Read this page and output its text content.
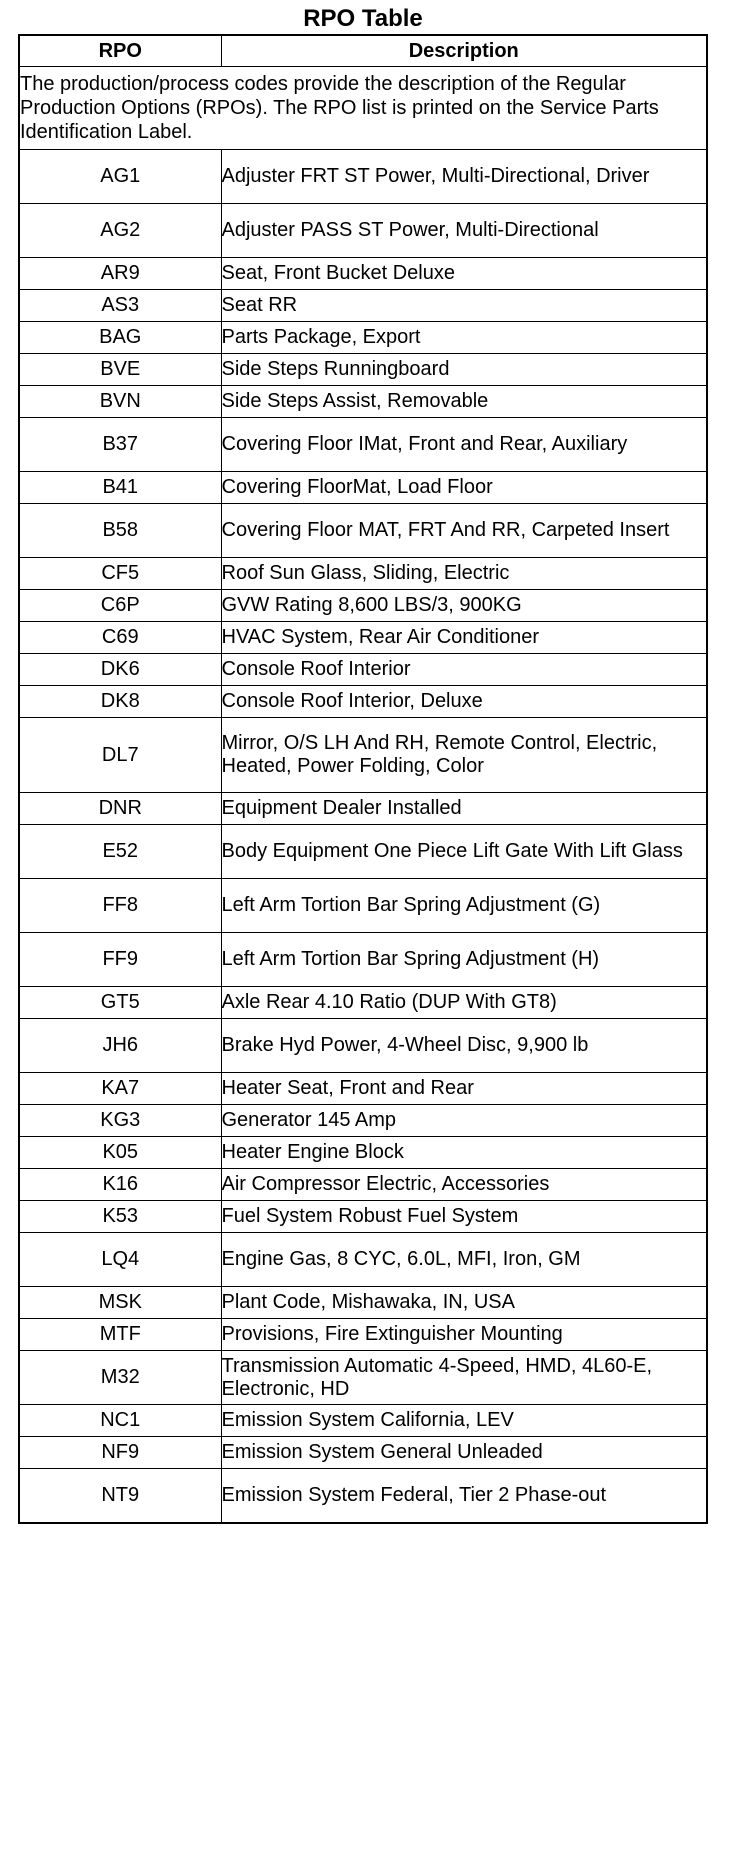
RPO Table
RPO	Description
The production/process codes provide the description of the Regular Production Options (RPOs). The RPO list is printed on the Service Parts Identification Label.	
AG1	Adjuster FRT ST Power, Multi-Directional, Driver
AG2	Adjuster PASS ST Power, Multi-Directional
AR9	Seat, Front Bucket Deluxe
AS3	Seat RR
BAG	Parts Package, Export
BVE	Side Steps Runningboard
BVN	Side Steps Assist, Removable
B37	Covering Floor IMat, Front and Rear, Auxiliary
B41	Covering FloorMat, Load Floor
B58	Covering Floor MAT, FRT And RR, Carpeted Insert
CF5	Roof Sun Glass, Sliding, Electric
C6P	GVW Rating 8,600 LBS/3, 900KG
C69	HVAC System, Rear Air Conditioner
DK6	Console Roof Interior
DK8	Console Roof Interior, Deluxe
DL7	Mirror, O/S LH And RH, Remote Control, Electric, Heated, Power Folding, Color
DNR	Equipment Dealer Installed
E52	Body Equipment One Piece Lift Gate With Lift Glass
FF8	Left Arm Tortion Bar Spring Adjustment (G)
FF9	Left Arm Tortion Bar Spring Adjustment (H)
GT5	Axle Rear 4.10 Ratio (DUP With GT8)
JH6	Brake Hyd Power, 4-Wheel Disc, 9,900 lb
KA7	Heater Seat, Front and Rear
KG3	Generator 145 Amp
K05	Heater Engine Block
K16	Air Compressor Electric, Accessories
K53	Fuel System Robust Fuel System
LQ4	Engine Gas, 8 CYC, 6.0L, MFI, Iron, GM
MSK	Plant Code, Mishawaka, IN, USA
MTF	Provisions, Fire Extinguisher Mounting
M32	Transmission Automatic 4-Speed, HMD, 4L60-E, Electronic, HD
NC1	Emission System California, LEV
NF9	Emission System General Unleaded
NT9	Emission System Federal, Tier 2 Phase-out
